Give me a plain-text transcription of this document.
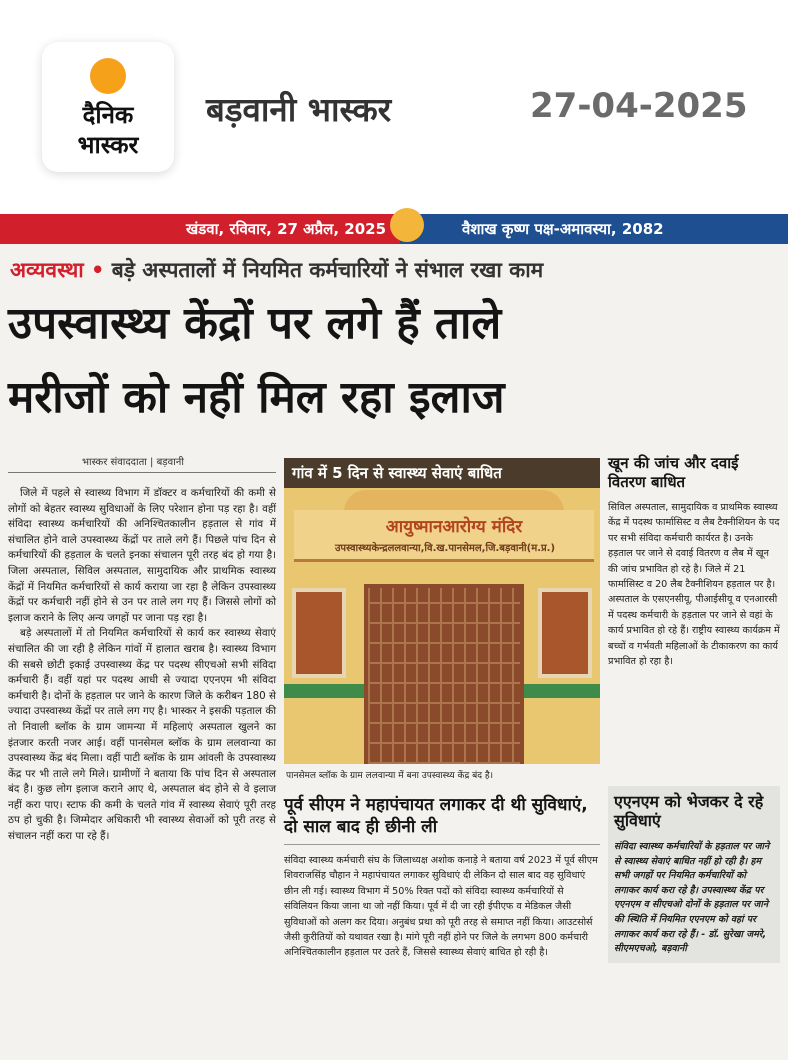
दैनिक
भास्कर
बड़वानी भास्कर	27-04-2025
खंडवा, रविवार, 27 अप्रैल, 2025	वैशाख कृष्ण पक्ष-अमावस्या, 2082
अव्यवस्था • बड़े अस्पतालों में नियमित कर्मचारियों ने संभाल रखा काम
उपस्वास्थ्य केंद्रों पर लगे हैं ताले
मरीजों को नहीं मिल रहा इलाज
भास्कर संवाददाता | बड़वानी

जिले में पहले से स्वास्थ्य विभाग में डॉक्टर व कर्मचारियों की कमी से लोगों को बेहतर स्वास्थ्य सुविधाओं के लिए परेशान होना पड़ रहा है। वहीं संविदा स्वास्थ्य कर्मचारियों की अनिश्चितकालीन हड़ताल से गांव में संचालित होने वाले उपस्वास्थ्य केंद्रों पर ताले लगे हैं। पिछले पांच दिन से कर्मचारियों की हड़ताल के चलते इनका संचालन पूरी तरह बंद हो गया है। जिला अस्पताल, सिविल अस्पताल, सामुदायिक और प्राथमिक स्वास्थ्य केंद्रों में नियमित कर्मचारियों से कार्य कराया जा रहा है लेकिन उपस्वास्थ्य केंद्रों पर कर्मचारी नहीं होने से उन पर ताले लग गए हैं। जिससे लोगों को इलाज कराने के लिए अन्य जगहों पर जाना पड़ रहा है।

बड़े अस्पतालों में तो नियमित कर्मचारियों से कार्य कर स्वास्थ्य सेवाएं संचालित की जा रही है लेकिन गांवों में हालात खराब है। स्वास्थ्य विभाग की सबसे छोटी इकाई उपस्वास्थ्य केंद्र पर पदस्थ सीएचओ सभी संविदा कर्मचारी हैं। वहीं यहां पर पदस्थ आधी से ज्यादा एएनएम भी संविदा कर्मचारी है। दोनों के हड़ताल पर जाने के कारण जिले के करीबन 180 से ज्यादा उपस्वास्थ्य केंद्रों पर ताले लग गए है। भास्कर ने इसकी पड़ताल की तो निवाली ब्लॉक के ग्राम जामन्या में महिलाएं अस्पताल खुलने का इंतजार करती नजर आई। वहीं पानसेमल ब्लॉक के ग्राम ललवान्या का उपस्वास्थ्य केंद्र बंद मिला। वहीं पाटी ब्लॉक के ग्राम आंवली के उपस्वास्थ्य केंद्र पर भी ताले लगे मिले। ग्रामीणों ने बताया कि पांच दिन से अस्पताल बंद है। कुछ लोग इलाज कराने आए थे, अस्पताल बंद होने से वे इलाज नहीं करा पाए। स्टाफ की कमी के चलते गांव में स्वास्थ्य सेवाएं पूरी तरह ठप हो चुकी है। जिम्मेदार अधिकारी भी स्वास्थ्य सेवाओं को पूरी तरह से संचालन नहीं करा पा रहे हैं।

गांव में 5 दिन से स्वास्थ्य सेवाएं बाधित
आयुष्मानआरोग्य मंदिर
उपस्वास्थ्यकेन्द्रललवान्या,वि.ख.पानसेमल,जि.बड़वानी(म.प्र.)
पानसेमल ब्लॉक के ग्राम ललवान्या में बना उपस्वास्थ्य केंद्र बंद है।
खून की जांच और दवाई वितरण बाधित
सिविल अस्पताल, सामुदायिक व प्राथमिक स्वास्थ्य केंद्र में पदस्थ फार्मासिस्ट व लैब टैक्नीशियन के पद पर सभी संविदा कर्मचारी कार्यरत है। उनके हड़ताल पर जाने से दवाई वितरण व लैब में खून की जांच प्रभावित हो रहे है। जिले में 21 फार्मासिस्ट व 20 लैब टैक्नीशियन हड़ताल पर है। अस्पताल के एसएनसीयू, पीआईसीयू व एनआरसी में पदस्थ कर्मचारी के हड़ताल पर जाने से वहां के कार्य प्रभावित हो रहे हैं। राष्ट्रीय स्वास्थ्य कार्यक्रम में बच्चों व गर्भवती महिलाओं के टीकाकरण का कार्य प्रभावित हो रहा है।
पूर्व सीएम ने महापंचायत लगाकर दी थी सुविधाएं, दो साल बाद ही छीनी ली
संविदा स्वास्थ्य कर्मचारी संघ के जिलाध्यक्ष अशोक कनाड़े ने बताया वर्ष 2023 में पूर्व सीएम शिवराजसिंह चौहान ने महापंचायत लगाकर सुविधाएं दी लेकिन दो साल बाद वह सुविधाएं छीन ली गई। स्वास्थ्य विभाग में 50% रिक्त पदों को संविदा स्वास्थ्य कर्मचारियों से संविलियन किया जाना था जो नहीं किया। पूर्व में दी जा रही ईपीएफ व मेडिकल जैसी सुविधाओं को अलग कर दिया। अनुबंध प्रथा को पूरी तरह से समाप्त नहीं किया। आउटसोर्स जैसी कुरीतियों को यथावत रखा है। मांगे पूरी नहीं होने पर जिले के लगभग 800 कर्मचारी अनिश्चितकालीन हड़ताल पर उतरे हैं, जिससे स्वास्थ्य सेवाएं बाधित हो रही है।
एएनएम को भेजकर दे रहे सुविधाएं
संविदा स्वास्थ्य कर्मचारियों के हड़ताल पर जाने से स्वास्थ्य सेवाएं बाधित नहीं हो रही है। हम सभी जगहों पर नियमित कर्मचारियों को लगाकर कार्य करा रहे है। उपस्वास्थ्य केंद्र पर एएनएम व सीएचओ दोनों के हड़ताल पर जाने की स्थिति में नियमित एएनएम को वहां पर लगाकर कार्य करा रहे हैं। - डॉ. सुरेखा जमरे, सीएमएचओ, बड़वानी
